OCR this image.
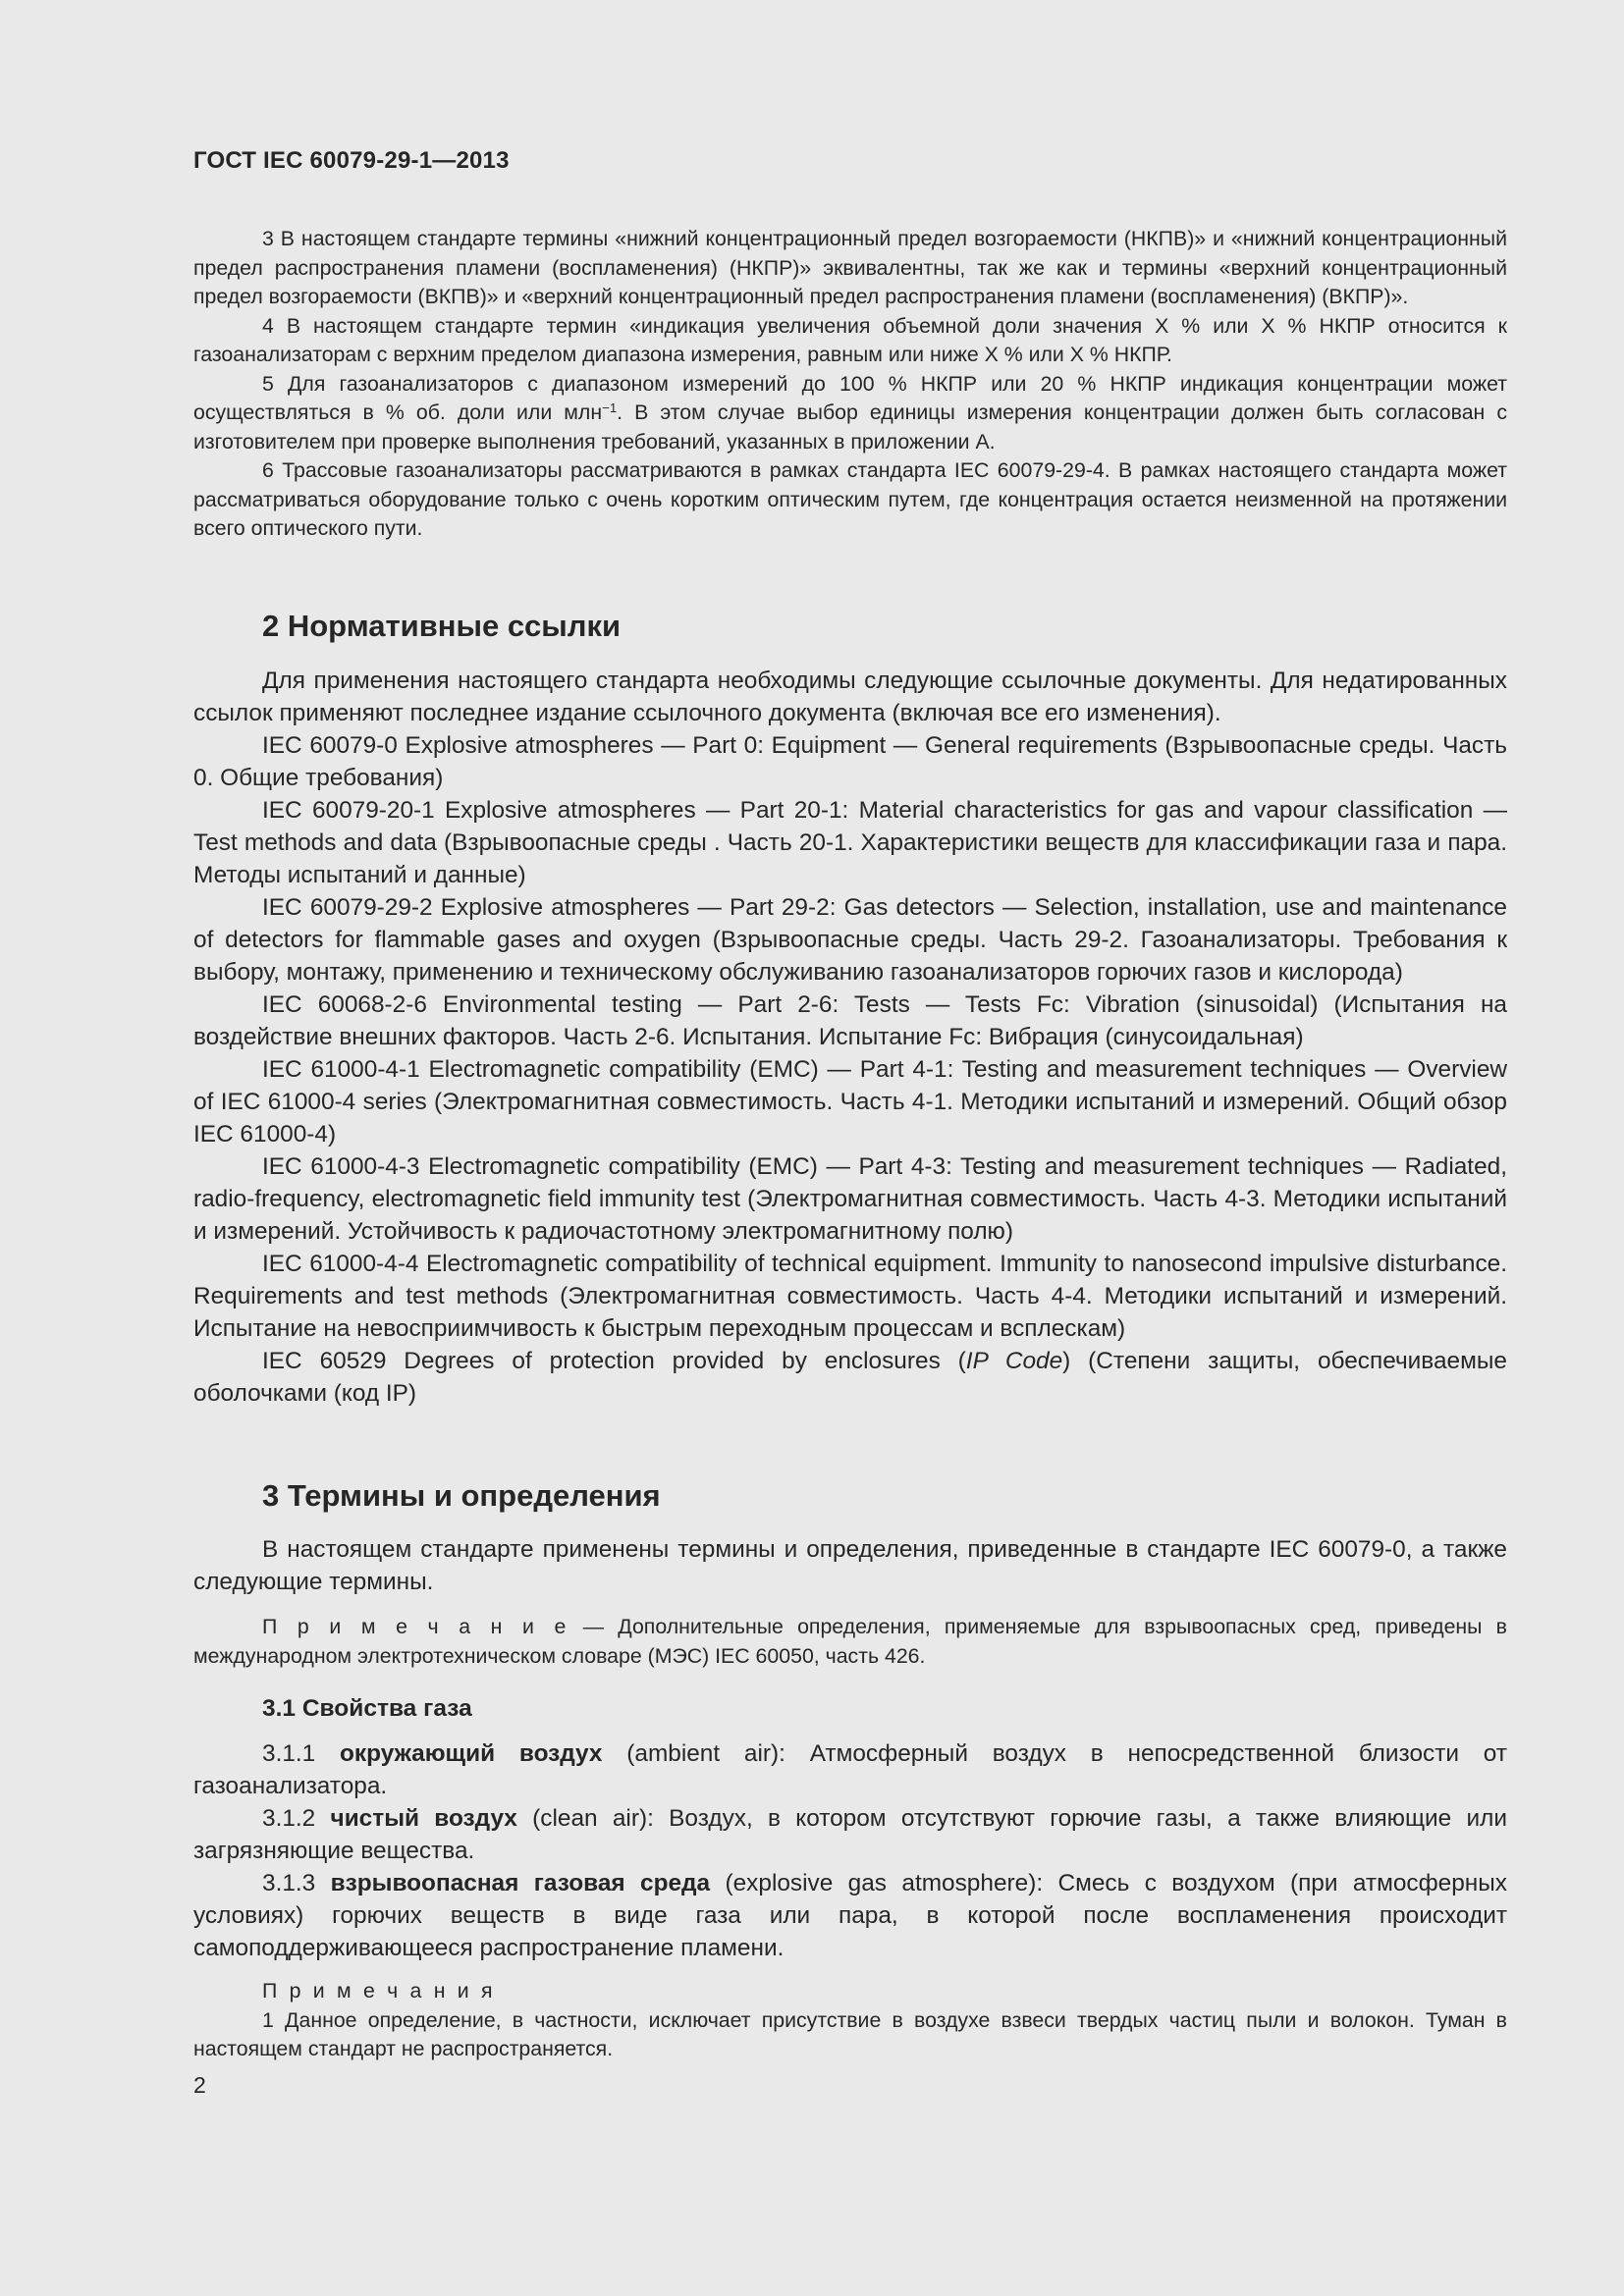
ГОСТ IEC 60079-29-1—2013

3 В настоящем стандарте термины «нижний концентрационный предел возгораемости (НКПВ)» и «нижний концентрационный предел распространения пламени (воспламенения) (НКПР)» эквивалентны, так же как и термины «верхний концентрационный предел возгораемости (ВКПВ)» и «верхний концентрационный предел распространения пламени (воспламенения) (ВКПР)».

4 В настоящем стандарте термин «индикация увеличения объемной доли значения X % или X % НКПР относится к газоанализаторам с верхним пределом диапазона измерения, равным или ниже X % или X % НКПР.

5 Для газоанализаторов с диапазоном измерений до 100 % НКПР или 20 % НКПР индикация концентрации может осуществляться в % об. доли или млн$^{-1}$. В этом случае выбор единицы измерения концентрации должен быть согласован с изготовителем при проверке выполнения требований, указанных в приложении А.

6 Трассовые газоанализаторы рассматриваются в рамках стандарта IEC 60079-29-4. В рамках настоящего стандарта может рассматриваться оборудование только с очень коротким оптическим путем, где концентрация остается неизменной на протяжении всего оптического пути.

2 Нормативные ссылки

Для применения настоящего стандарта необходимы следующие ссылочные документы. Для недатированных ссылок применяют последнее издание ссылочного документа (включая все его изменения).

IEC 60079-0 Explosive atmospheres — Part 0: Equipment — General requirements (Взрывоопасные среды. Часть 0. Общие требования)

IEC 60079-20-1 Explosive atmospheres — Part 20-1: Material characteristics for gas and vapour classification — Test methods and data (Взрывоопасные среды . Часть 20-1. Характеристики веществ для классификации газа и пара. Методы испытаний и данные)

IEC 60079-29-2 Explosive atmospheres — Part 29-2: Gas detectors — Selection, installation, use and maintenance of detectors for flammable gases and oxygen (Взрывоопасные среды. Часть 29-2. Газоанализаторы. Требования к выбору, монтажу, применению и техническому обслуживанию газоанализаторов горючих газов и кислорода)

IEC 60068-2-6 Environmental testing — Part 2-6: Tests — Tests Fc: Vibration (sinusoidal) (Испытания на воздействие внешних факторов. Часть 2-6. Испытания. Испытание Fc: Вибрация (синусоидальная)

IEC 61000-4-1 Electromagnetic compatibility (EMC) — Part 4-1: Testing and measurement techniques — Overview of IEC 61000-4 series (Электромагнитная совместимость. Часть 4-1. Методики испытаний и измерений. Общий обзор IEC 61000-4)

IEC 61000-4-3 Electromagnetic compatibility (EMC) — Part 4-3: Testing and measurement techniques — Radiated, radio-frequency, electromagnetic field immunity test (Электромагнитная совместимость. Часть 4-3. Методики испытаний и измерений. Устойчивость к радиочастотному электромагнитному полю)

IEC 61000-4-4 Electromagnetic compatibility of technical equipment. Immunity to nanosecond impulsive disturbance. Requirements and test methods (Электромагнитная совместимость. Часть 4-4. Методики испытаний и измерений. Испытание на невосприимчивость к быстрым переходным процессам и всплескам)

IEC 60529 Degrees of protection provided by enclosures (IP Code) (Степени защиты, обеспечиваемые оболочками (код IP)

3 Термины и определения

В настоящем стандарте применены термины и определения, приведенные в стандарте IEC 60079-0, а также следующие термины.

П р и м е ч а н и е — Дополнительные определения, применяемые для взрывоопасных сред, приведены в международном электротехническом словаре (МЭС) IEC 60050, часть 426.

3.1 Свойства газа

3.1.1 окружающий воздух (ambient air): Атмосферный воздух в непосредственной близости от газоанализатора.

3.1.2 чистый воздух (clean air): Воздух, в котором отсутствуют горючие газы, а также влияющие или загрязняющие вещества.

3.1.3 взрывоопасная газовая среда (explosive gas atmosphere): Смесь с воздухом (при атмосферных условиях) горючих веществ в виде газа или пара, в которой после воспламенения происходит самоподдерживающееся распространение пламени.

П р и м е ч а н и я

1 Данное определение, в частности, исключает присутствие в воздухе взвеси твердых частиц пыли и волокон. Туман в настоящем стандарт не распространяется.

2
